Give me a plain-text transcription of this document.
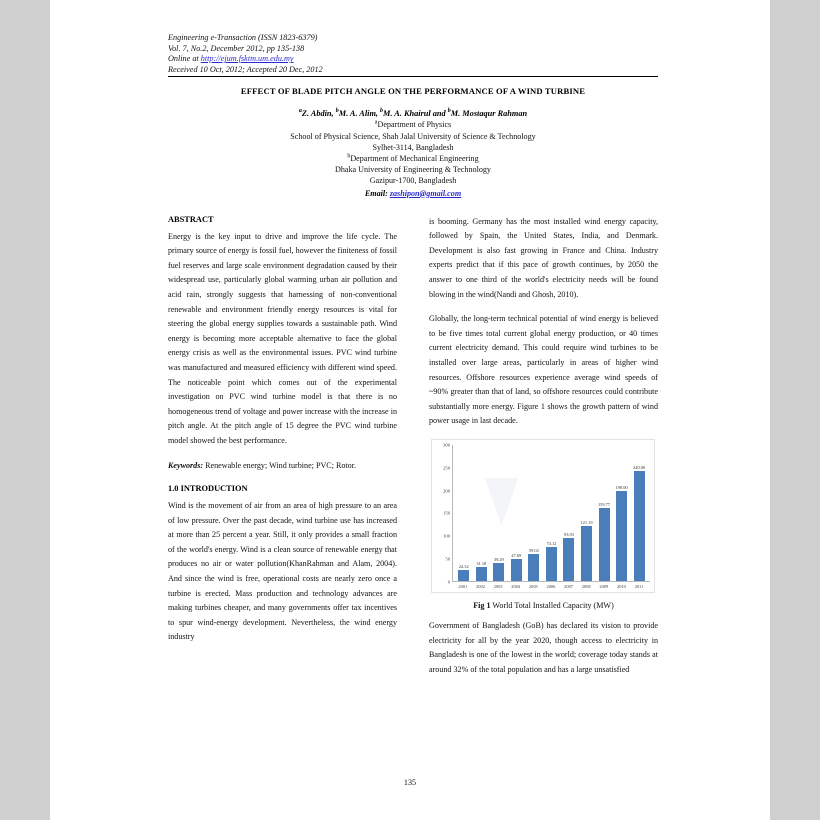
Engineering e-Transaction (ISSN 1823-6379)
Vol. 7, No.2, December 2012, pp 135-138
Online at http://ejum.fsktm.um.edu.my
Received 10 Oct, 2012; Accepted 20 Dec, 2012
EFFECT OF BLADE PITCH ANGLE ON THE PERFORMANCE OF A WIND TURBINE
$^a$Z. Abdin, $^b$M. A. Alim, $^b$M. A. Khairul and $^b$M. Mostaqur Rahman
$^a$Department of Physics
School of Physical Science, Shah Jalal University of Science & Technology
Sylhet-3114, Bangladesh
$^b$Department of Mechanical Engineering
Dhaka University of Engineering & Technology
Gazipur-1700, Bangladesh
Email: zashipon@gmail.com
ABSTRACT

Energy is the key input to drive and improve the life cycle. The primary source of energy is fossil fuel, however the finiteness of fossil fuel reserves and large scale environment degradation caused by their widespread use, particularly global warming urban air pollution and acid rain, strongly suggests that harnessing of non-conventional renewable and environment friendly energy resources is vital for steering the global energy supplies towards a sustainable path. Wind energy is becoming more acceptable alternative to face the global energy crisis as well as the environmental issues. PVC wind turbine was manufactured and measured efficiency with different wind speed. The noticeable point which comes out of the experimental investigation on PVC wind turbine model is that there is no homogeneous trend of voltage and power increase with the increase in pitch angle. At the pitch angle of 15 degree the PVC wind turbine model showed the best performance.

Keywords: Renewable energy; Wind turbine; PVC; Rotor.
1.0 INTRODUCTION

Wind is the movement of air from an area of high pressure to an area of low pressure. Over the past decade, wind turbine use has increased at more than 25 percent a year. Still, it only provides a small fraction of the world's energy. Wind is a clean source of renewable energy that produces no air or water pollution(KhanRahman and Alam, 2004). And since the wind is free, operational costs are nearly zero once a turbine is erected. Mass production and technology advances are making turbines cheaper, and many governments offer tax incentives to spur wind-energy development. Nevertheless, the wind energy industry

is booming. Germany has the most installed wind energy capacity, followed by Spain, the United States, India, and Denmark. Development is also fast growing in France and China. Industry experts predict that if this pace of growth continues, by 2050 the answer to one third of the world's electricity needs will be found blowing in the wind(Nandi and Ghosh, 2010).

Globally, the long-term technical potential of wind energy is believed to be five times total current global energy production, or 40 times current electricity demand. This could require wind turbines to be installed over large areas, particularly in areas of higher wind resources. Offshore resources experience average wind speeds of ~90% greater than that of land, so offshore resources could contribute substantially more energy. Figure 1 shows the growth pattern of wind power usage in last decade.

0
50
100
150
200
250
300
24.32
31.18
39.29
47.69
59.02
74.12
93.93
121.19
159.77
198.00
240.00
2001 2002 2003 2004 2005 2006 2007 2008 2009 2010 2011
Fig 1 World Total Installed Capacity (MW)

Government of Bangladesh (GoB) has declared its vision to provide electricity for all by the year 2020, though access to electricity in Bangladesh is one of the lowest in the world; coverage today stands at around 32% of the total population and has a large unsatisfied

135
